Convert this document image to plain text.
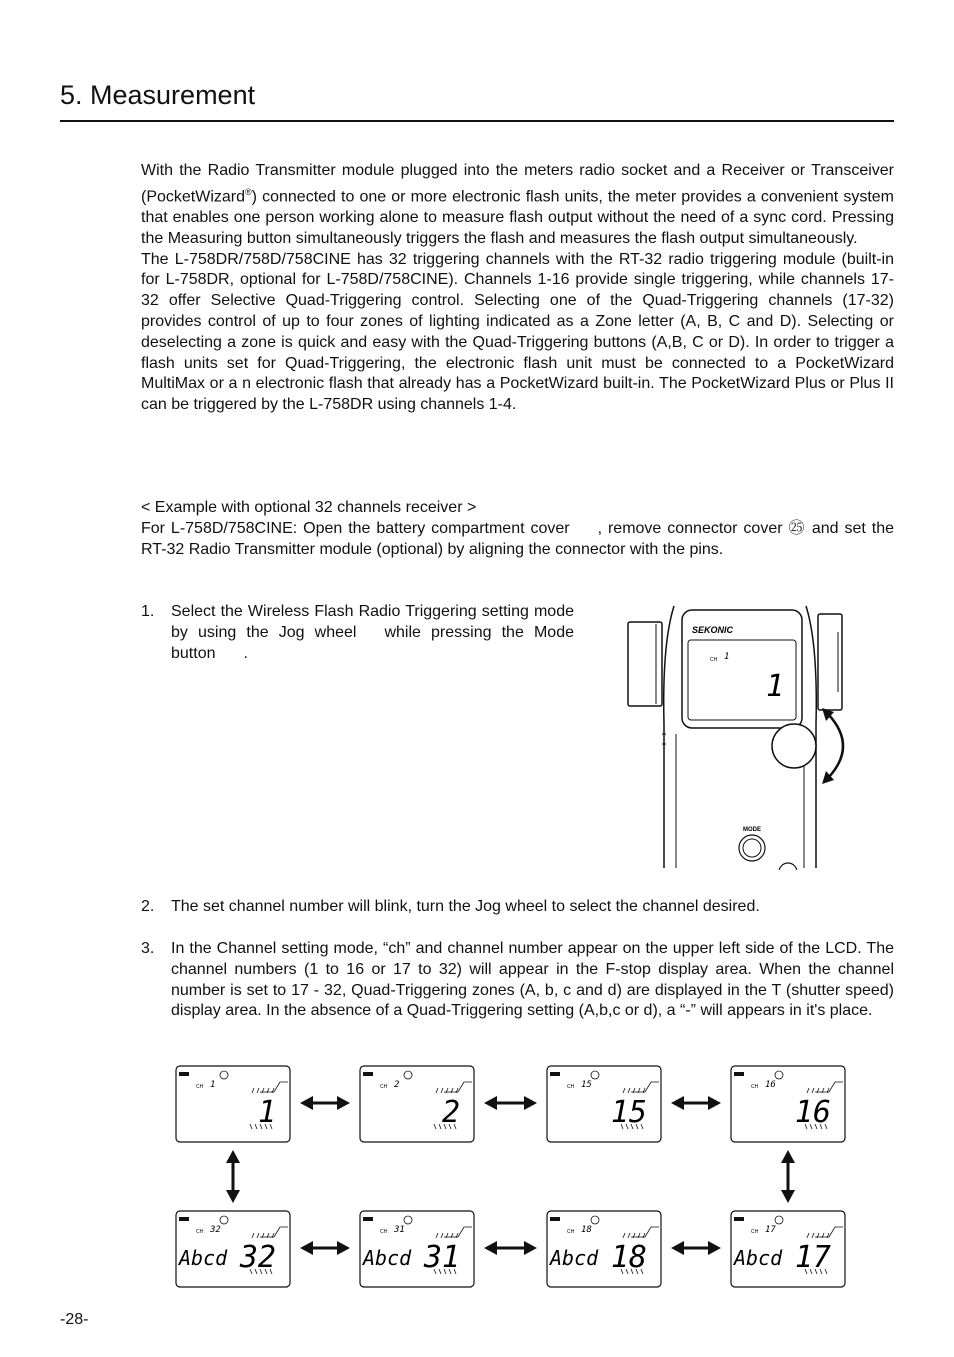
5. Measurement

With the Radio Transmitter module plugged into the meters radio socket and a Receiver or Transceiver (PocketWizard®) connected to one or more electronic flash units, the meter provides a convenient system that enables one person working alone to measure flash output without the need of a sync cord. Pressing the Measuring button simultaneously triggers the flash and measures the flash output simultaneously.

The L-758DR/758D/758CINE has 32 triggering channels with the RT-32 radio triggering module (built-in for L-758DR, optional for L-758D/758CINE). Channels 1-16 provide single triggering, while channels 17-32 offer Selective Quad-Triggering control. Selecting one of the Quad-Triggering channels (17-32) provides control of up to four zones of lighting indicated as a Zone letter (A, B, C and D). Selecting or deselecting a zone is quick and easy with the Quad-Triggering buttons (A,B, C or D). In order to trigger a flash units set for Quad-Triggering, the electronic flash unit must be connected to a PocketWizard MultiMax or a n electronic flash that already has a PocketWizard built-in. The PocketWizard Plus or Plus II can be triggered by the L-758DR using channels 1-4.

< Example with optional 32 channels receiver >

For L-758D/758CINE: Open the battery compartment cover , remove connector cover ㉕ and set the RT-32 Radio Transmitter module (optional) by aligning the connector with the pins.

1. Select the Wireless Flash Radio Triggering setting mode by using the Jog wheel while pressing the Mode button .
SEKONIC
CH 1
1
MODE
2. The set channel number will blink, turn the Jog wheel to select the channel desired.
3. In the Channel setting mode, “ch” and channel number appear on the upper left side of the LCD. The channel numbers (1 to 16 or 17 to 32) will appear in the F-stop display area. When the channel number is set to 17 - 32, Quad-Triggering zones (A, b, c and d) are displayed in the T (shutter speed) display area. In the absence of a Quad-Triggering setting (A,b,c or d), a “-” will appears in it's place.
CH 1
1
CH 2
2
CH 15
15
CH 16
16
CH 32
Abcd 32
CH 31
Abcd 31
CH 18
Abcd 18
CH 17
Abcd 17
-28-
